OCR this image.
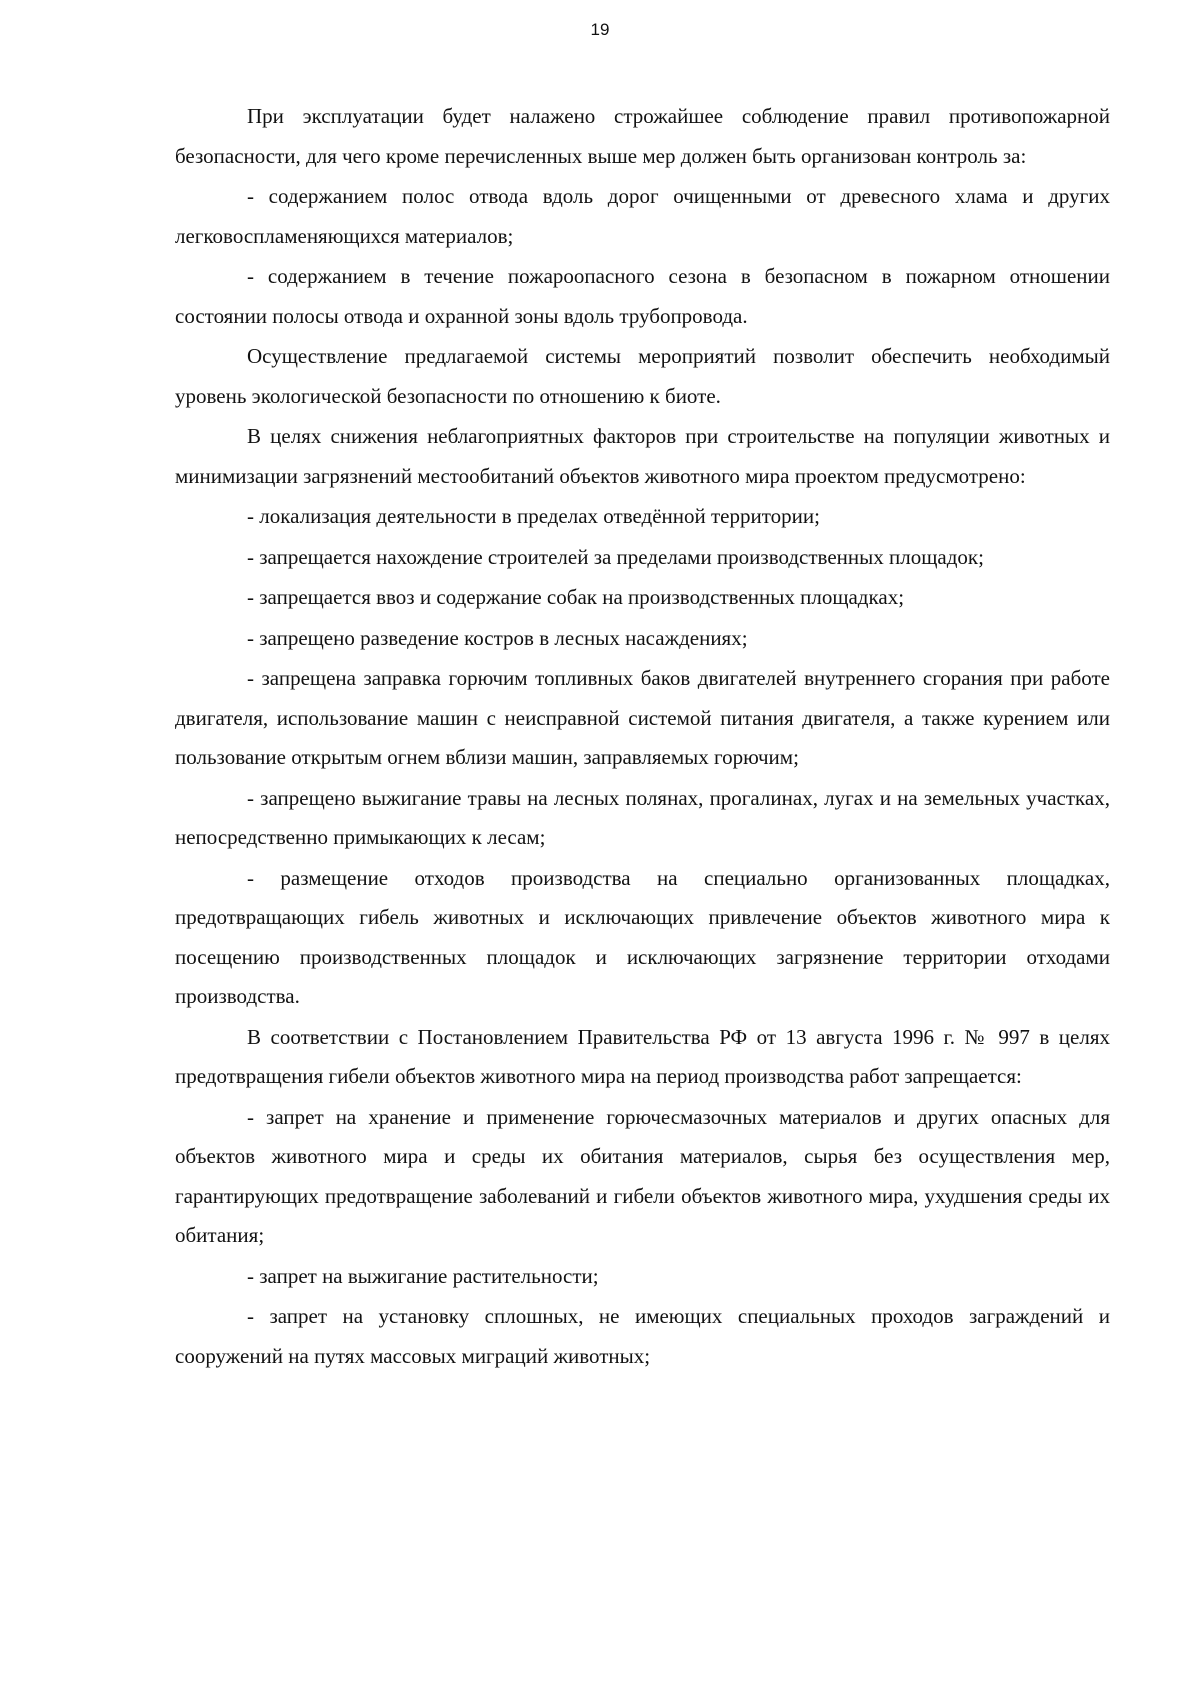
19

При эксплуатации будет налажено строжайшее соблюдение правил противопожарной безопасности, для чего кроме перечисленных выше мер должен быть организован контроль за:

- содержанием полос отвода вдоль дорог очищенными от древесного хлама и других легковоспламеняющихся материалов;

- содержанием в течение пожароопасного сезона в безопасном в пожарном отношении состоянии полосы отвода и охранной зоны вдоль трубопровода.

Осуществление предлагаемой системы мероприятий позволит обеспечить необходимый уровень экологической безопасности по отношению к биоте.

В целях снижения неблагоприятных факторов при строительстве на популяции животных и минимизации загрязнений местообитаний объектов животного мира проектом предусмотрено:

- локализация деятельности в пределах отведённой территории;

- запрещается нахождение строителей за пределами производственных площадок;

- запрещается ввоз и содержание собак на производственных площадках;

- запрещено разведение костров в лесных насаждениях;

- запрещена заправка горючим топливных баков двигателей внутреннего сгорания при работе двигателя, использование машин с неисправной системой питания двигателя, а также курением или пользование открытым огнем вблизи машин, заправляемых горючим;

- запрещено выжигание травы на лесных полянах, прогалинах, лугах и на земельных участках, непосредственно примыкающих к лесам;

- размещение отходов производства на специально организованных площадках, предотвращающих гибель животных и исключающих привлечение объектов животного мира к посещению производственных площадок и исключающих загрязнение территории отходами производства.

В соответствии с Постановлением Правительства РФ от 13 августа 1996 г. № 997 в целях предотвращения гибели объектов животного мира на период производства работ запрещается:

- запрет на хранение и применение горючесмазочных материалов и других опасных для объектов животного мира и среды их обитания материалов, сырья без осуществления мер, гарантирующих предотвращение заболеваний и гибели объектов животного мира, ухудшения среды их обитания;

- запрет на выжигание растительности;

- запрет на установку сплошных, не имеющих специальных проходов заграждений и сооружений на путях массовых миграций животных;
